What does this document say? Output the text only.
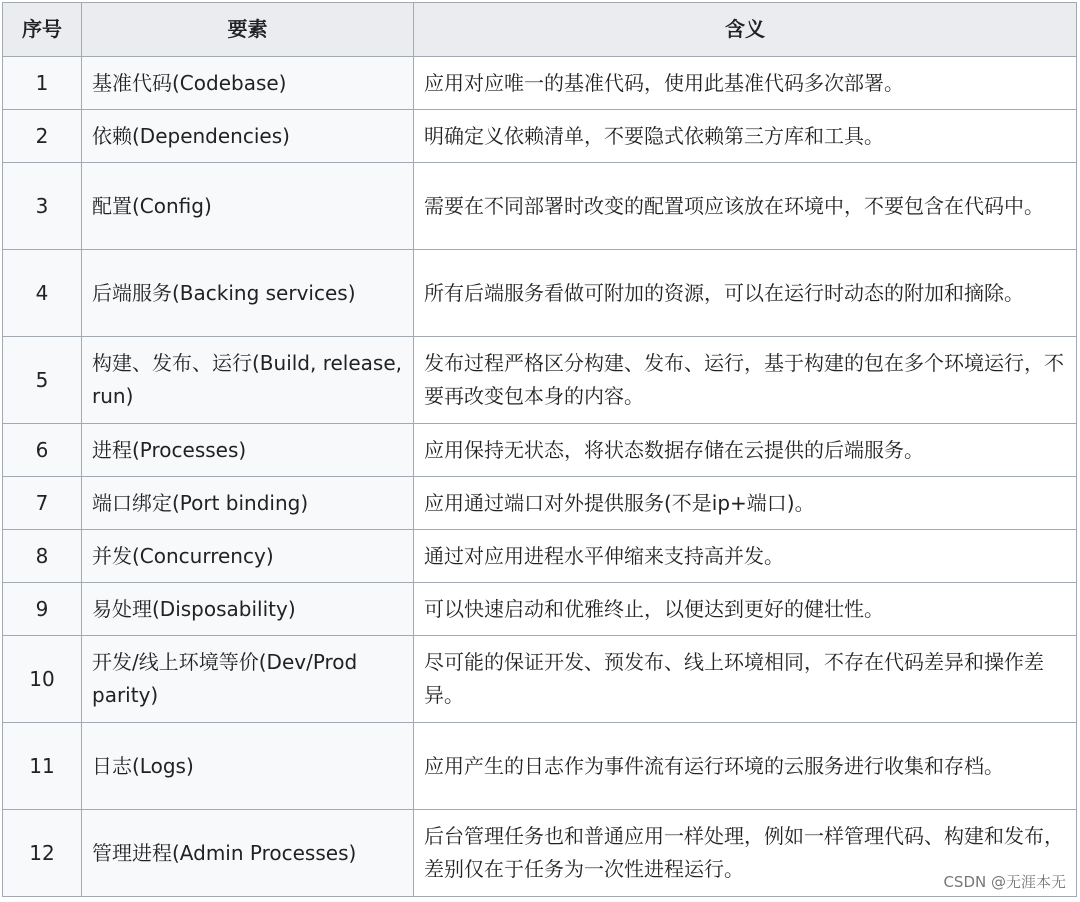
序号	要素	含义
1	基准代码(Codebase)	应用对应唯一的基准代码，使用此基准代码多次部署。
2	依赖(Dependencies)	明确定义依赖清单，不要隐式依赖第三方库和工具。
3	配置(Config)	需要在不同部署时改变的配置项应该放在环境中，不要包含在代码中。
4	后端服务(Backing services)	所有后端服务看做可附加的资源，可以在运行时动态的附加和摘除。
5	构建、发布、运行(Build, release, run)	发布过程严格区分构建、发布、运行，基于构建的包在多个环境运行，不要再改变包本身的内容。
6	进程(Processes)	应用保持无状态，将状态数据存储在云提供的后端服务。
7	端口绑定(Port binding)	应用通过端口对外提供服务(不是ip+端口)。
8	并发(Concurrency)	通过对应用进程水平伸缩来支持高并发。
9	易处理(Disposability)	可以快速启动和优雅终止，以便达到更好的健壮性。
10	开发/线上环境等价(Dev/Prod parity)	尽可能的保证开发、预发布、线上环境相同，不存在代码差异和操作差异。
11	日志(Logs)	应用产生的日志作为事件流有运行环境的云服务进行收集和存档。
12	管理进程(Admin Processes)	后台管理任务也和普通应用一样处理，例如一样管理代码、构建和发布，差别仅在于任务为一次性进程运行。
CSDN @无涯本无
